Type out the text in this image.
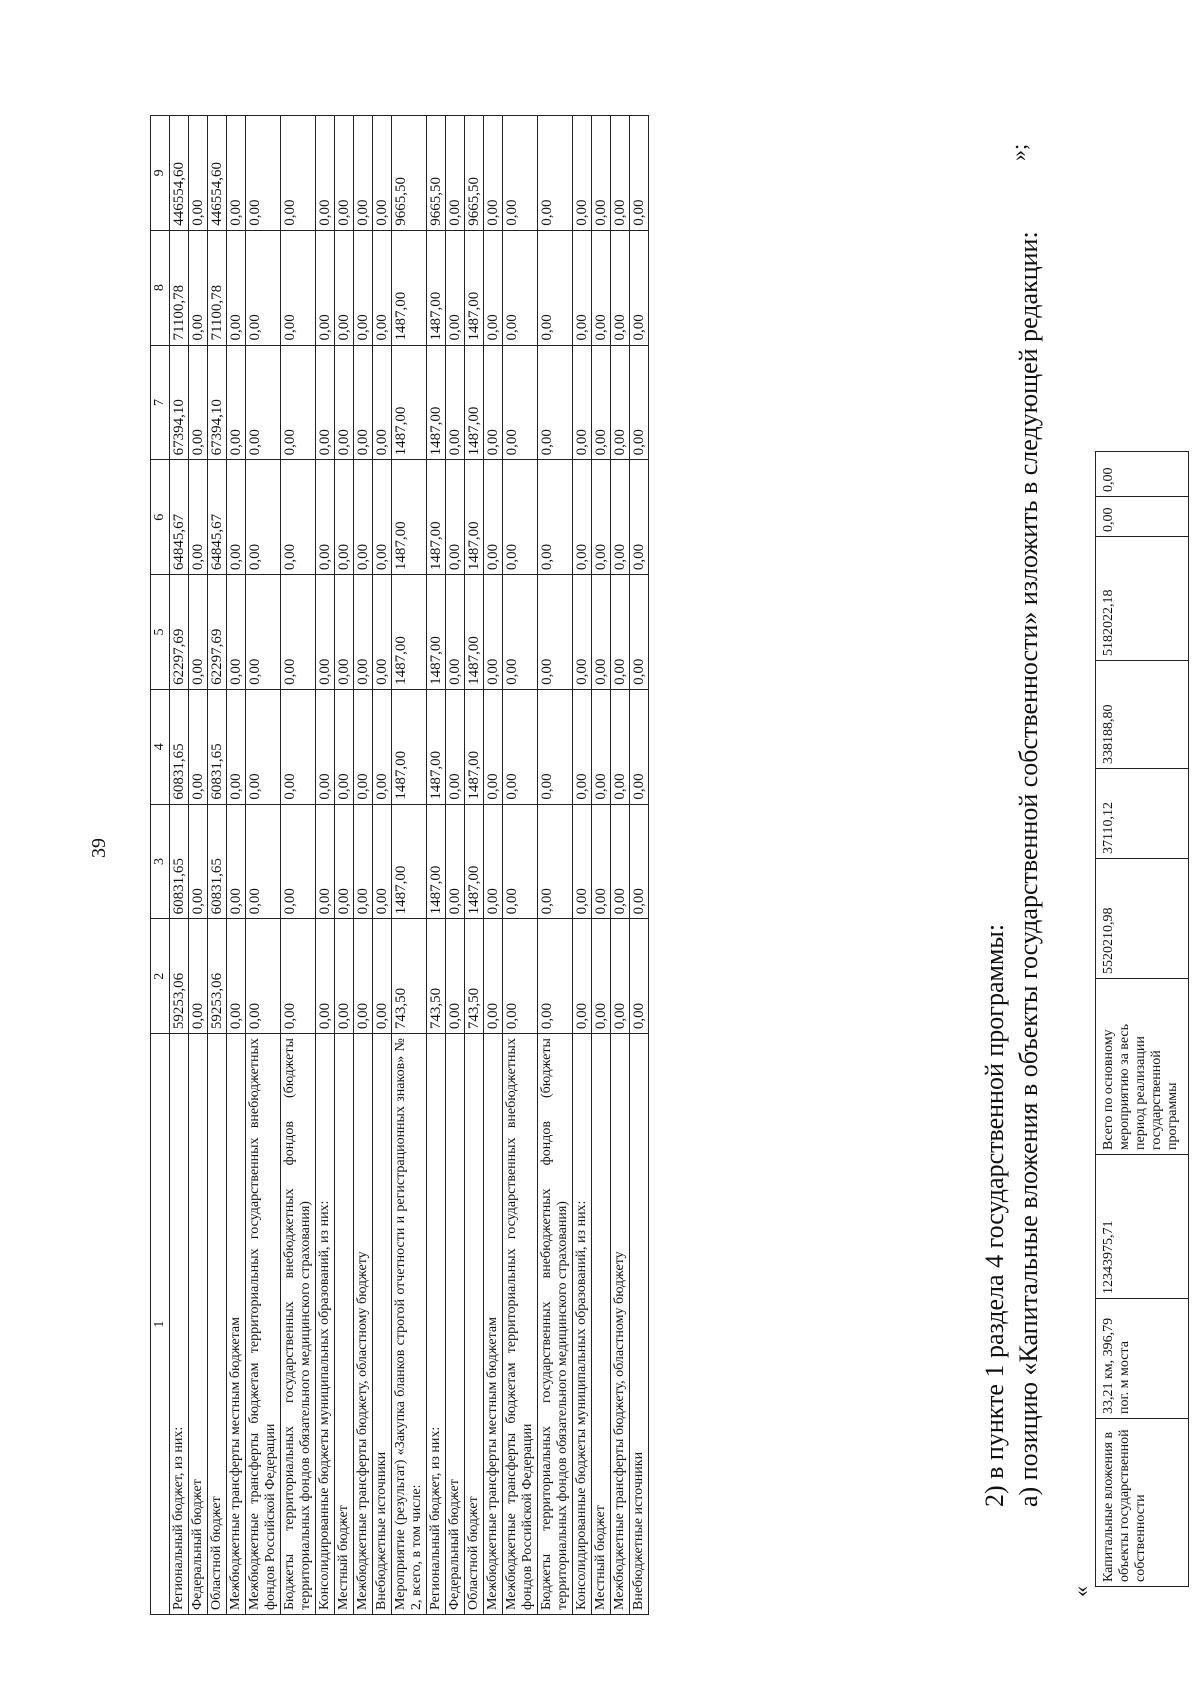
39
1	2	3	4	5	6	7	8	9
Региональный бюджет, из них:	59253,06	60831,65	60831,65	62297,69	64845,67	67394,10	71100,78	446554,60
Федеральный бюджет	0,00	0,00	0,00	0,00	0,00	0,00	0,00	0,00
Областной бюджет	59253,06	60831,65	60831,65	62297,69	64845,67	67394,10	71100,78	446554,60
Межбюджетные трансферты местным бюджетам	0,00	0,00	0,00	0,00	0,00	0,00	0,00	0,00
Межбюджетные трансферты бюджетам территориальных государственных внебюджетных фондов Российской Федерации	0,00	0,00	0,00	0,00	0,00	0,00	0,00	0,00
Бюджеты территориальных государственных внебюджетных фондов (бюджеты территориальных фондов обязательного медицинского страхования)	0,00	0,00	0,00	0,00	0,00	0,00	0,00	0,00
Консолидированные бюджеты муниципальных образований, из них:	0,00	0,00	0,00	0,00	0,00	0,00	0,00	0,00
Местный бюджет	0,00	0,00	0,00	0,00	0,00	0,00	0,00	0,00
Межбюджетные трансферты бюджету, областному бюджету	0,00	0,00	0,00	0,00	0,00	0,00	0,00	0,00
Внебюджетные источники	0,00	0,00	0,00	0,00	0,00	0,00	0,00	0,00
Мероприятие (результат) «Закупка бланков строгой отчетности и регистрационных знаков» № 2, всего, в том числе:	743,50	1487,00	1487,00	1487,00	1487,00	1487,00	1487,00	9665,50
Региональный бюджет, из них:	743,50	1487,00	1487,00	1487,00	1487,00	1487,00	1487,00	9665,50
Федеральный бюджет	0,00	0,00	0,00	0,00	0,00	0,00	0,00	0,00
Областной бюджет	743,50	1487,00	1487,00	1487,00	1487,00	1487,00	1487,00	9665,50
Межбюджетные трансферты местным бюджетам	0,00	0,00	0,00	0,00	0,00	0,00	0,00	0,00
Межбюджетные трансферты бюджетам территориальных государственных внебюджетных фондов Российской Федерации	0,00	0,00	0,00	0,00	0,00	0,00	0,00	0,00
Бюджеты территориальных государственных внебюджетных фондов (бюджеты территориальных фондов обязательного медицинского страхования)	0,00	0,00	0,00	0,00	0,00	0,00	0,00	0,00
Консолидированные бюджеты муниципальных образований, из них:	0,00	0,00	0,00	0,00	0,00	0,00	0,00	0,00
Местный бюджет	0,00	0,00	0,00	0,00	0,00	0,00	0,00	0,00
Межбюджетные трансферты бюджету, областному бюджету	0,00	0,00	0,00	0,00	0,00	0,00	0,00	0,00
Внебюджетные источники	0,00	0,00	0,00	0,00	0,00	0,00	0,00	0,00
»;
2) в пункте 1 раздела 4 государственной программы: а) позицию «Капитальные вложения в объекты государственной собственности» изложить в следующей редакции:
«
Капитальные вложения в объекты государственной собственности	33,21 км, 396,79 пог. м моста	12343975,71	Всего по основному мероприятию за весь период реализации государственной программы	5520210,98	37110,12	338188,80	5182022,18	0,00	0,00
